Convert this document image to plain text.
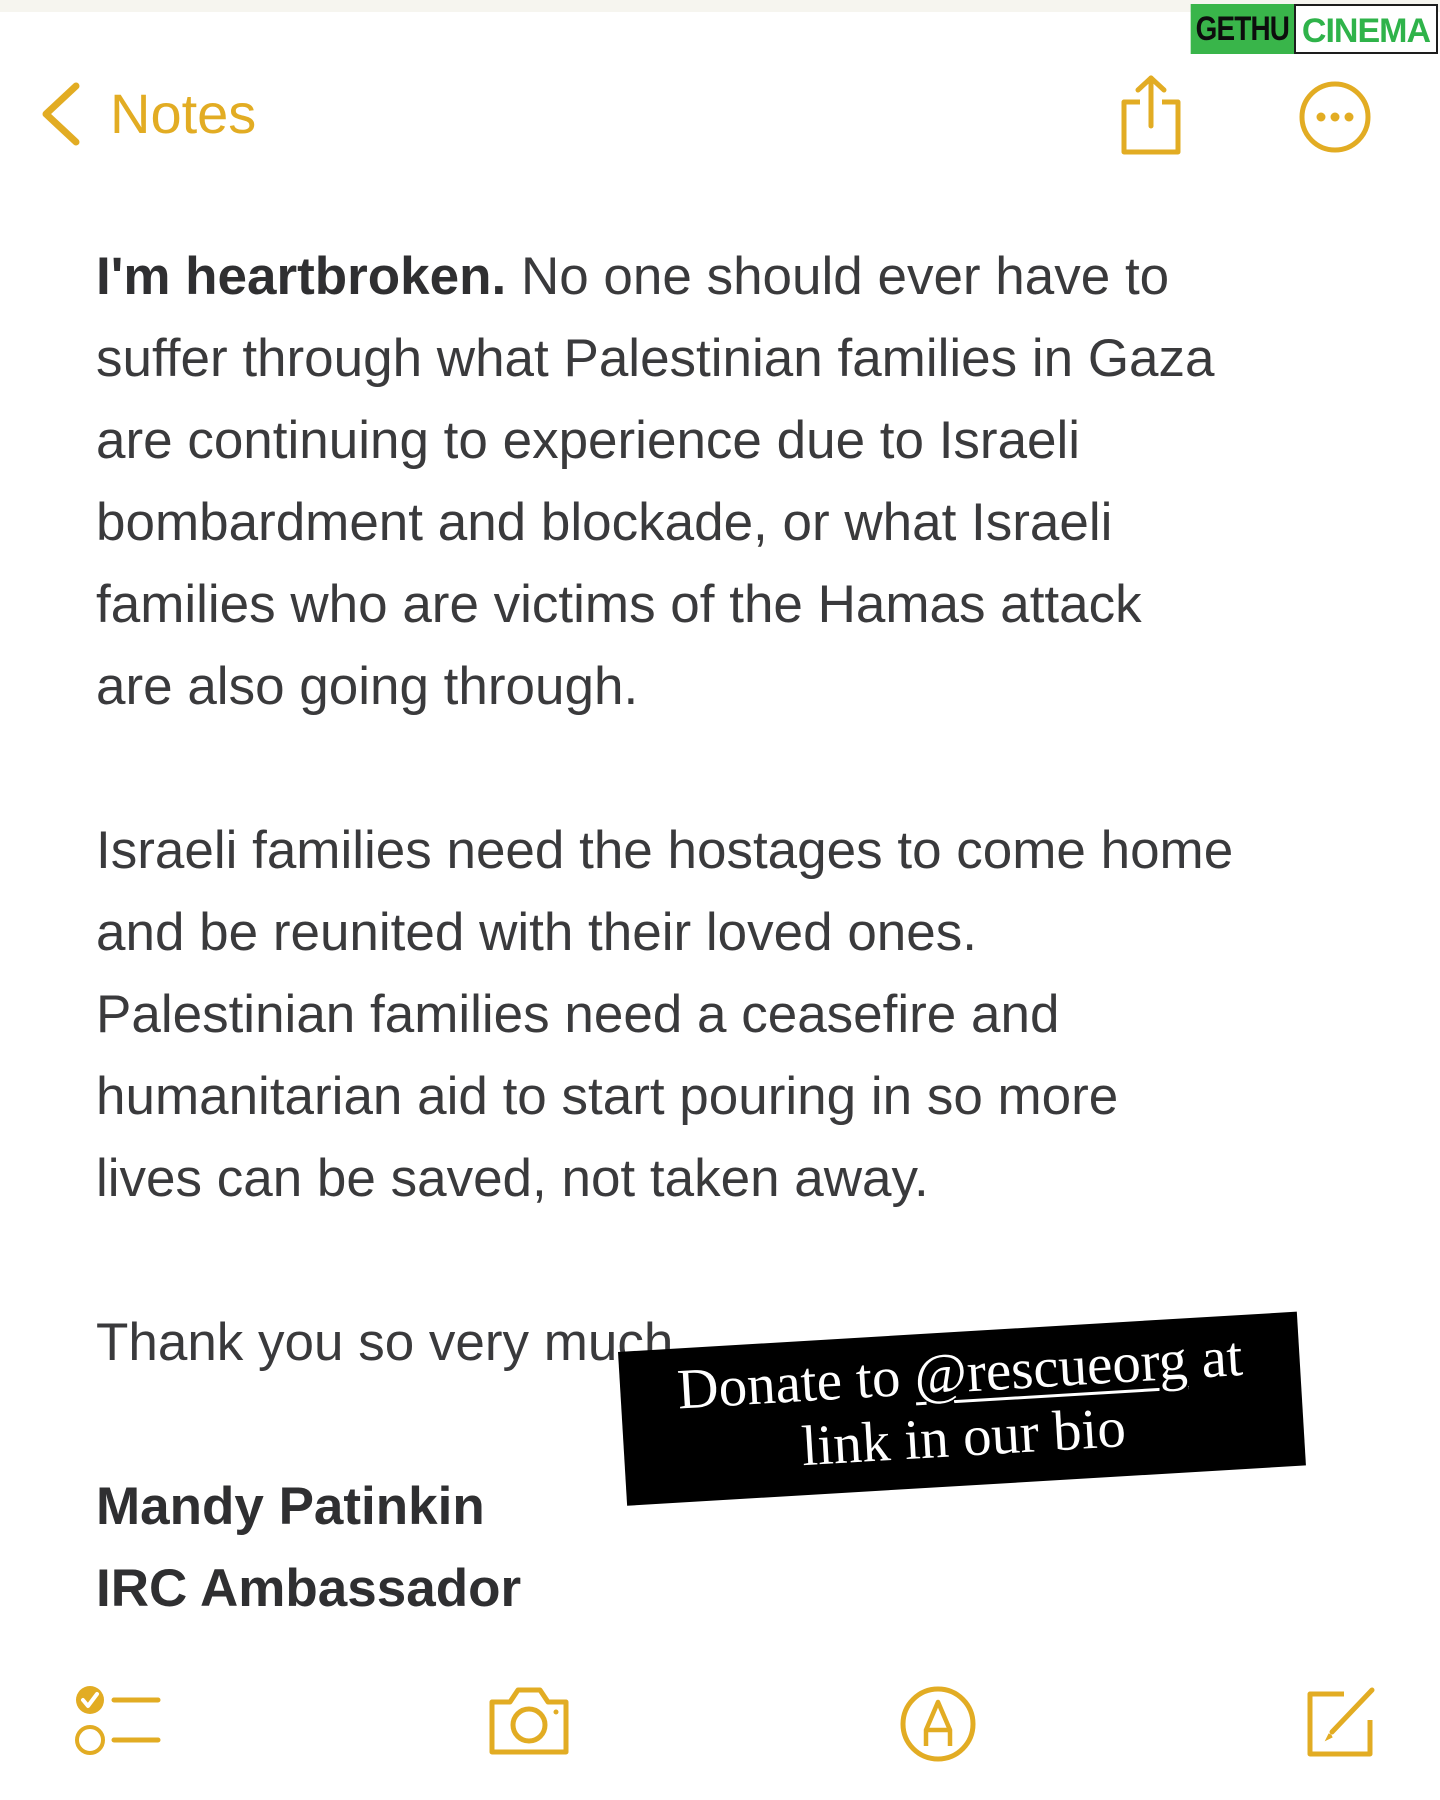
GETHU CINEMA
Notes

I'm heartbroken. No one should ever have to
suffer through what Palestinian families in Gaza
are continuing to experience due to Israeli
bombardment and blockade, or what Israeli
families who are victims of the Hamas attack
are also going through.

Israeli families need the hostages to come home
and be reunited with their loved ones.
Palestinian families need a ceasefire and
humanitarian aid to start pouring in so more
lives can be saved, not taken away.

Thank you so very much,

Mandy Patinkin

IRC Ambassador

Donate to @rescueorg at
link in our bio
